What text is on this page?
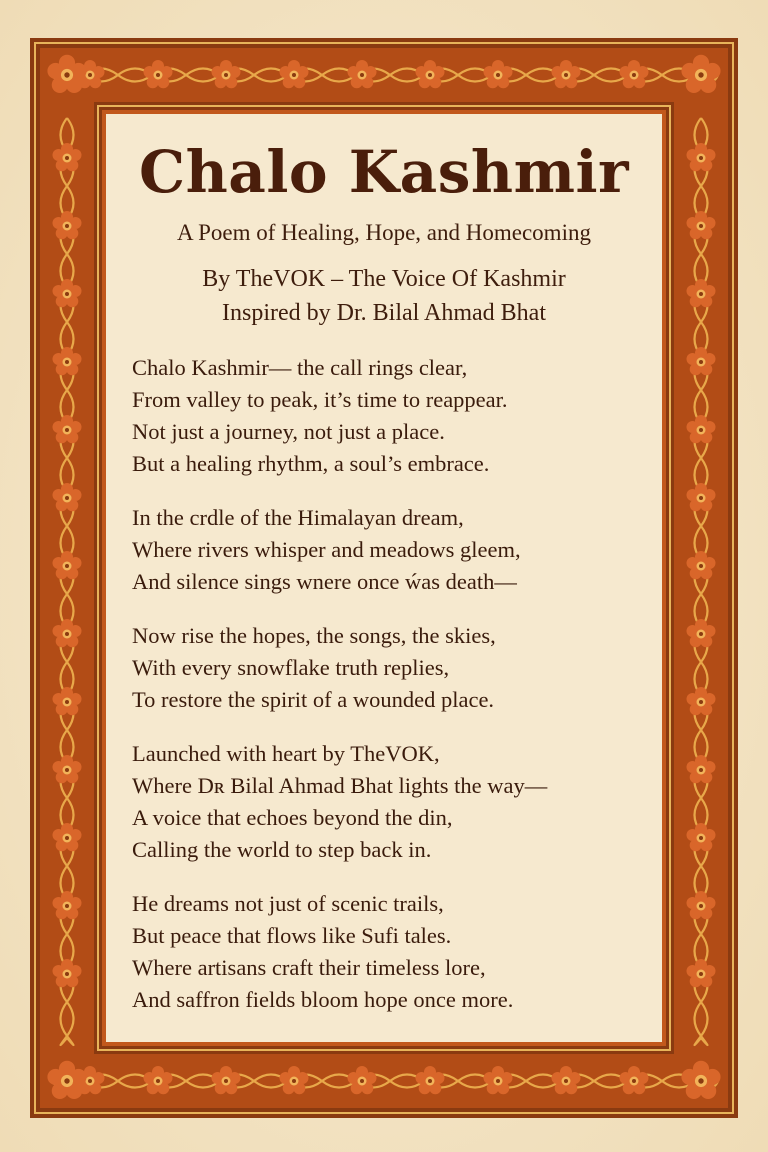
Chalo Kashmir

A Poem of Healing, Hope, and Homecoming

By TheVOK – The Voice Of Kashmir
Inspired by Dr. Bilal Ahmad Bhat

Chalo Kashmir— the call rings clear,
From valley to peak, it’s time to reappear.
Not just a journey, not just a place.
But a healing rhythm, a soul’s embrace.
In the crdle of the Himalayan dream,
Where rivers whisper and meadows gleem,
And silence sings wnere once ẃas death—
Now rise the hopes, the songs, the skies,
With every snowflake truth replies,
To restore the spirit of a wounded place.
Launched with heart by TheVOK,
Where Dʀ Bilal Ahmad Bhat lights the way—
A voice that echoes beyond the din,
Calling the world to step back in.
He dreams not just of scenic trails,
But peace that flows like Sufi tales.
Where artisans craft their timeless lore,
And saffron fields bloom hope once more.
